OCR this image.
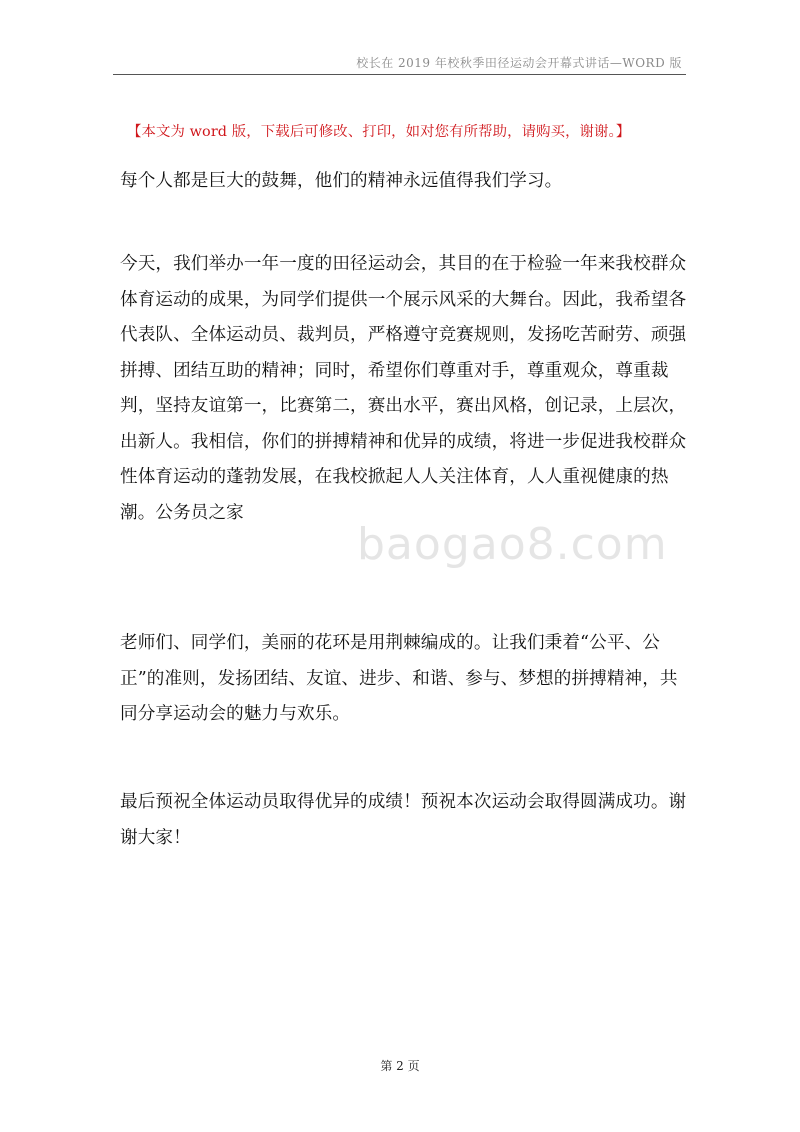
校长在 2019 年校秋季田径运动会开幕式讲话—WORD 版
【本文为 word 版，下载后可修改、打印，如对您有所帮助，请购买，谢谢。】

每个人都是巨大的鼓舞，他们的精神永远值得我们学习。

今天，我们举办一年一度的田径运动会，其目的在于检验一年来我校群众体育运动的成果，为同学们提供一个展示风采的大舞台。因此，我希望各代表队、全体运动员、裁判员，严格遵守竞赛规则，发扬吃苦耐劳、顽强拼搏、团结互助的精神；同时，希望你们尊重对手，尊重观众，尊重裁判，坚持友谊第一，比赛第二，赛出水平，赛出风格，创记录，上层次，出新人。我相信，你们的拼搏精神和优异的成绩，将进一步促进我校群众性体育运动的蓬勃发展，在我校掀起人人关注体育，人人重视健康的热潮。公务员之家

老师们、同学们，美丽的花环是用荆棘编成的。让我们秉着“公平、公正”的准则，发扬团结、友谊、进步、和谐、参与、梦想的拼搏精神，共同分享运动会的魅力与欢乐。

最后预祝全体运动员取得优异的成绩！预祝本次运动会取得圆满成功。谢谢大家！

baogao8.com
第 2 页
